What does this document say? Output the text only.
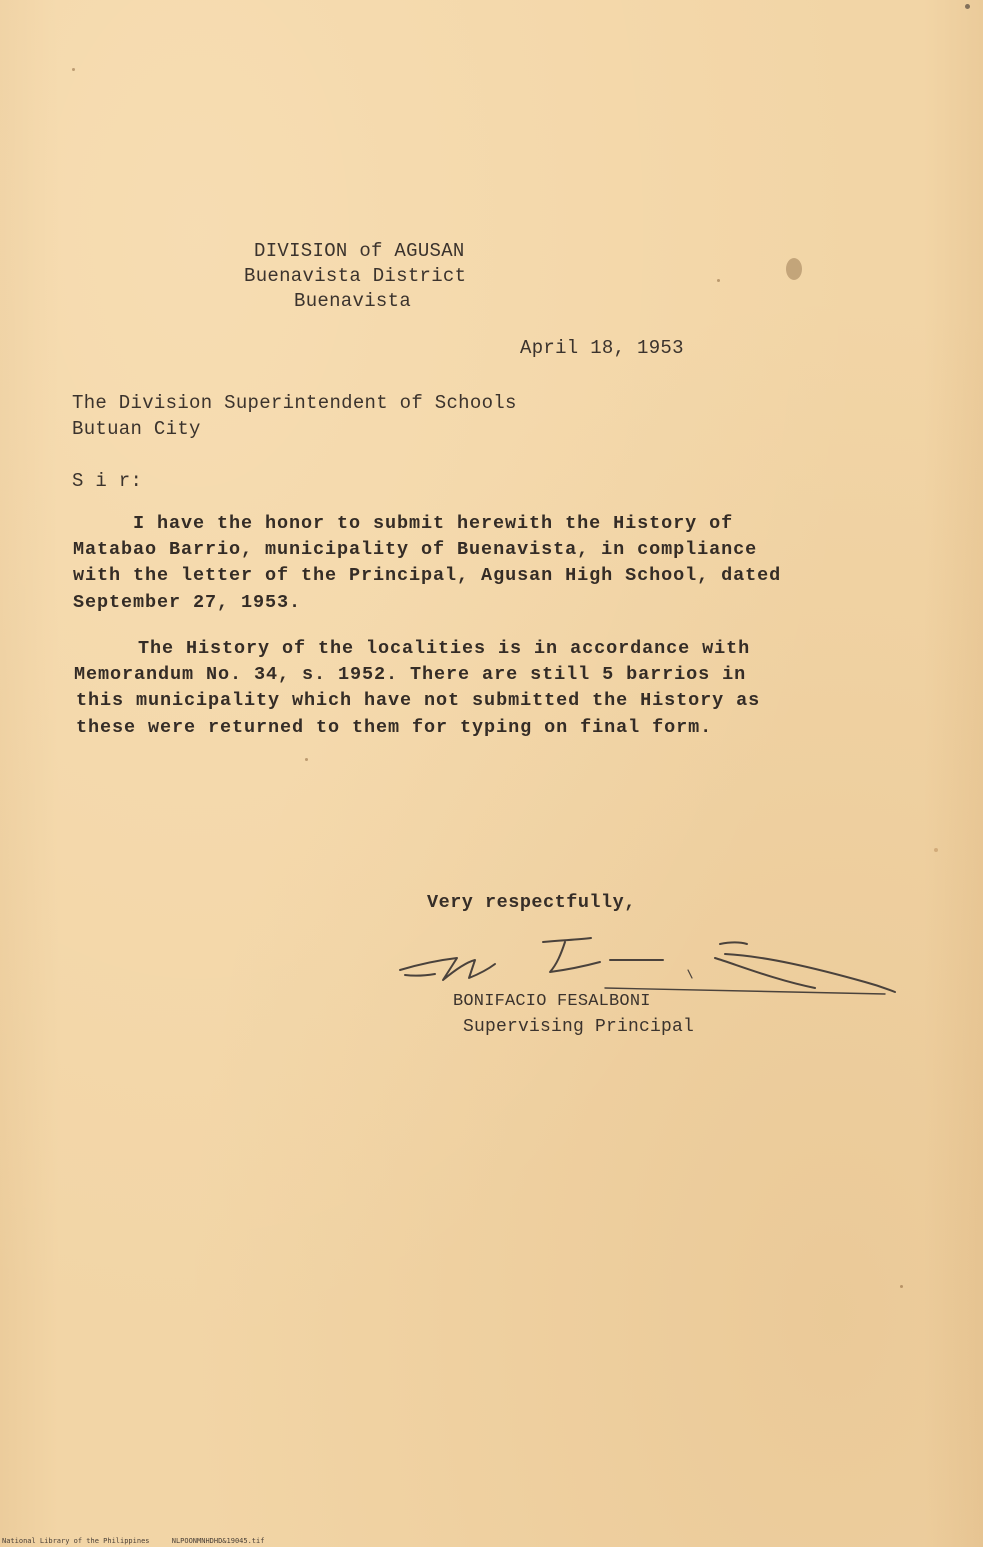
DIVISION of AGUSAN
Buenavista District
Buenavista
April 18, 1953
The Division Superintendent of Schools
Butuan City
S i r:
I have the honor to submit herewith the History of
Matabao Barrio, municipality of Buenavista, in compliance
with the letter of the Principal, Agusan High School, dated
September 27, 1953.
The History of the localities is in accordance with
Memorandum No. 34, s. 1952. There are still 5 barrios in
this municipality which have not submitted the History as
these were returned to them for typing on final form.
Very respectfully,
BONIFACIO FESALBONI
Supervising Principal
National Library of the Philippines	NLPOONMNHDHD&19045.tif
